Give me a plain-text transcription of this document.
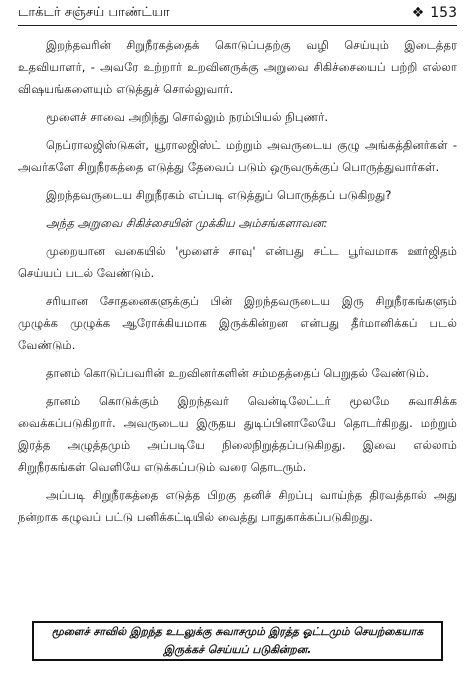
டாக்டர் சஞ்சய் பாண்ட்யா	❖ 153

இறந்தவரின் சிறுநீரகத்தைக் கொடுப்பதற்கு வழி செய்யும் இடைத்தர உதவியாளர், - அவரே உற்றார் உறவினருக்கு அறுவை சிகிச்சையைப் பற்றி எல்லா விஷயங்களையும் எடுத்துச் சொல்லுவார்.

மூளைச் சாவை அறிந்து சொல்லும் நரம்பியல் நிபுணர்.

நெப்ராலஜிஸ்டுகள், யூராலஜிஸ்ட் மற்றும் அவருடைய குழு அங்கத்தினர்கள் - அவர்களே சிறுநீரகத்தை எடுத்து தேவைப் படும் ஒருவருக்குப் பொருத்துவார்கள்.

இறந்தவருடைய சிறுநீரகம் எப்படி எடுத்துப் பொருத்தப் படுகிறது?

அந்த அறுவை சிகிச்சையின் முக்கிய அம்சங்களாவன:

முறையான வகையில் 'மூளைச் சாவு' என்பது சட்ட பூர்வமாக ஊர்ஜிதம் செய்யப் படல் வேண்டும்.

சரியான சோதனைகளுக்குப் பின் இறந்தவருடைய இரு சிறுநீரகங்களும் முழுக்க முழுக்க ஆரோக்கியமாக இருக்கின்றன என்பது தீர்மானிக்கப் படல் வேண்டும்.

தானம் கொடுப்பவரின் உறவினர்களின் சம்மதத்தைப் பெறுதல் வேண்டும்.

தானம் கொடுக்கும் இறந்தவர் வென்டிலேட்டர் மூலமே சுவாசிக்க வைக்கப்படுகிறார். அவருடைய இருதய துடிப்பினாலேயே தொடர்கிறது. மற்றும் இரத்த அழுத்தமும் அப்படியே நிலைநிறுத்தப்படுகிறது. இவை எல்லாம் சிறுநீரகங்கள் வெளியே எடுக்கப்படும் வரை தொடரும்.

அப்படி சிறுநீரகத்தை எடுத்த பிறகு தனிச் சிறப்பு வாய்ந்த திரவத்தால் அது நன்றாக கழுவப் பட்டு பனிக்கட்டியில் வைத்து பாதுகாக்கப்படுகிறது.

மூளைச் சாவில் இறந்த உடலுக்கு சுவாசமும் இரத்த ஓட்டமும் செயற்கையாக இருக்கச் செய்யப் படுகின்றன.
